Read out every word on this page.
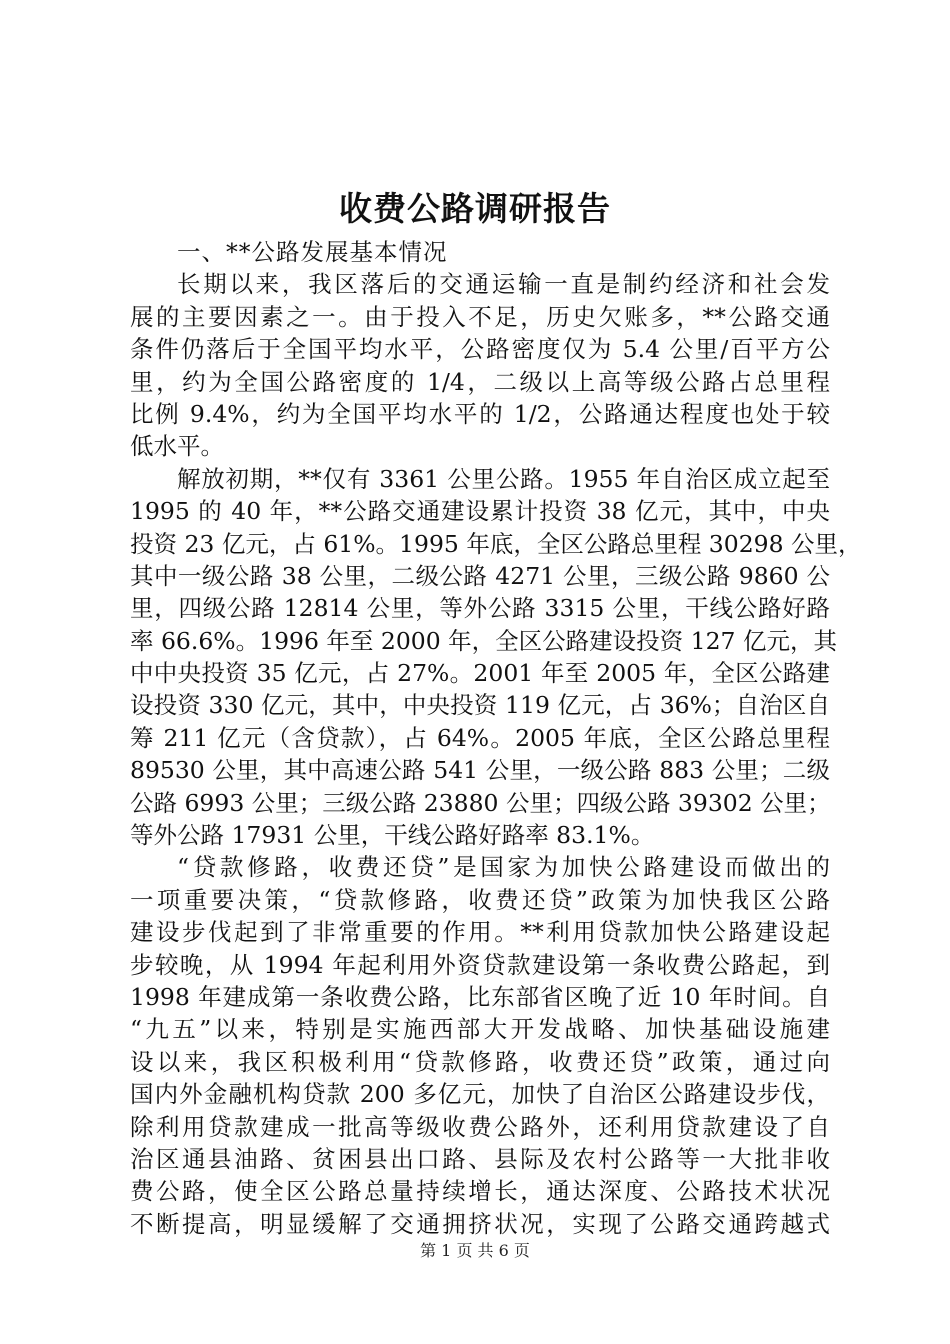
收费公路调研报告

一、**公路发展基本情况

长期以来，我区落后的交通运输一直是制约经济和社会发
展的主要因素之一。由于投入不足，历史欠账多，**公路交通
条件仍落后于全国平均水平，公路密度仅为 5.4 公里/百平方公
里，约为全国公路密度的 1/4，二级以上高等级公路占总里程
比例 9.4%，约为全国平均水平的 1/2，公路通达程度也处于较
低水平。
解放初期，**仅有 3361 公里公路。1955 年自治区成立起至
1995 的 40 年，**公路交通建设累计投资 38 亿元，其中，中央
投资 23 亿元，占 61%。1995 年底，全区公路总里程 30298 公里，
其中一级公路 38 公里，二级公路 4271 公里，三级公路 9860 公
里，四级公路 12814 公里，等外公路 3315 公里，干线公路好路
率 66.6%。1996 年至 2000 年，全区公路建设投资 127 亿元，其
中中央投资 35 亿元，占 27%。2001 年至 2005 年，全区公路建
设投资 330 亿元，其中，中央投资 119 亿元，占 36%；自治区自
筹 211 亿元（含贷款），占 64%。2005 年底，全区公路总里程
89530 公里，其中高速公路 541 公里，一级公路 883 公里；二级
公路 6993 公里；三级公路 23880 公里；四级公路 39302 公里；
等外公路 17931 公里，干线公路好路率 83.1%。
“贷款修路，收费还贷”是国家为加快公路建设而做出的
一项重要决策，“贷款修路，收费还贷”政策为加快我区公路
建设步伐起到了非常重要的作用。**利用贷款加快公路建设起
步较晚，从 1994 年起利用外资贷款建设第一条收费公路起，到
1998 年建成第一条收费公路，比东部省区晚了近 10 年时间。自
“九五”以来，特别是实施西部大开发战略、加快基础设施建
设以来，我区积极利用“贷款修路，收费还贷”政策，通过向
国内外金融机构贷款 200 多亿元，加快了自治区公路建设步伐，
除利用贷款建成一批高等级收费公路外，还利用贷款建设了自
治区通县油路、贫困县出口路、县际及农村公路等一大批非收
费公路，使全区公路总量持续增长，通达深度、公路技术状况
不断提高，明显缓解了交通拥挤状况，实现了公路交通跨越式
第 1 页 共 6 页
